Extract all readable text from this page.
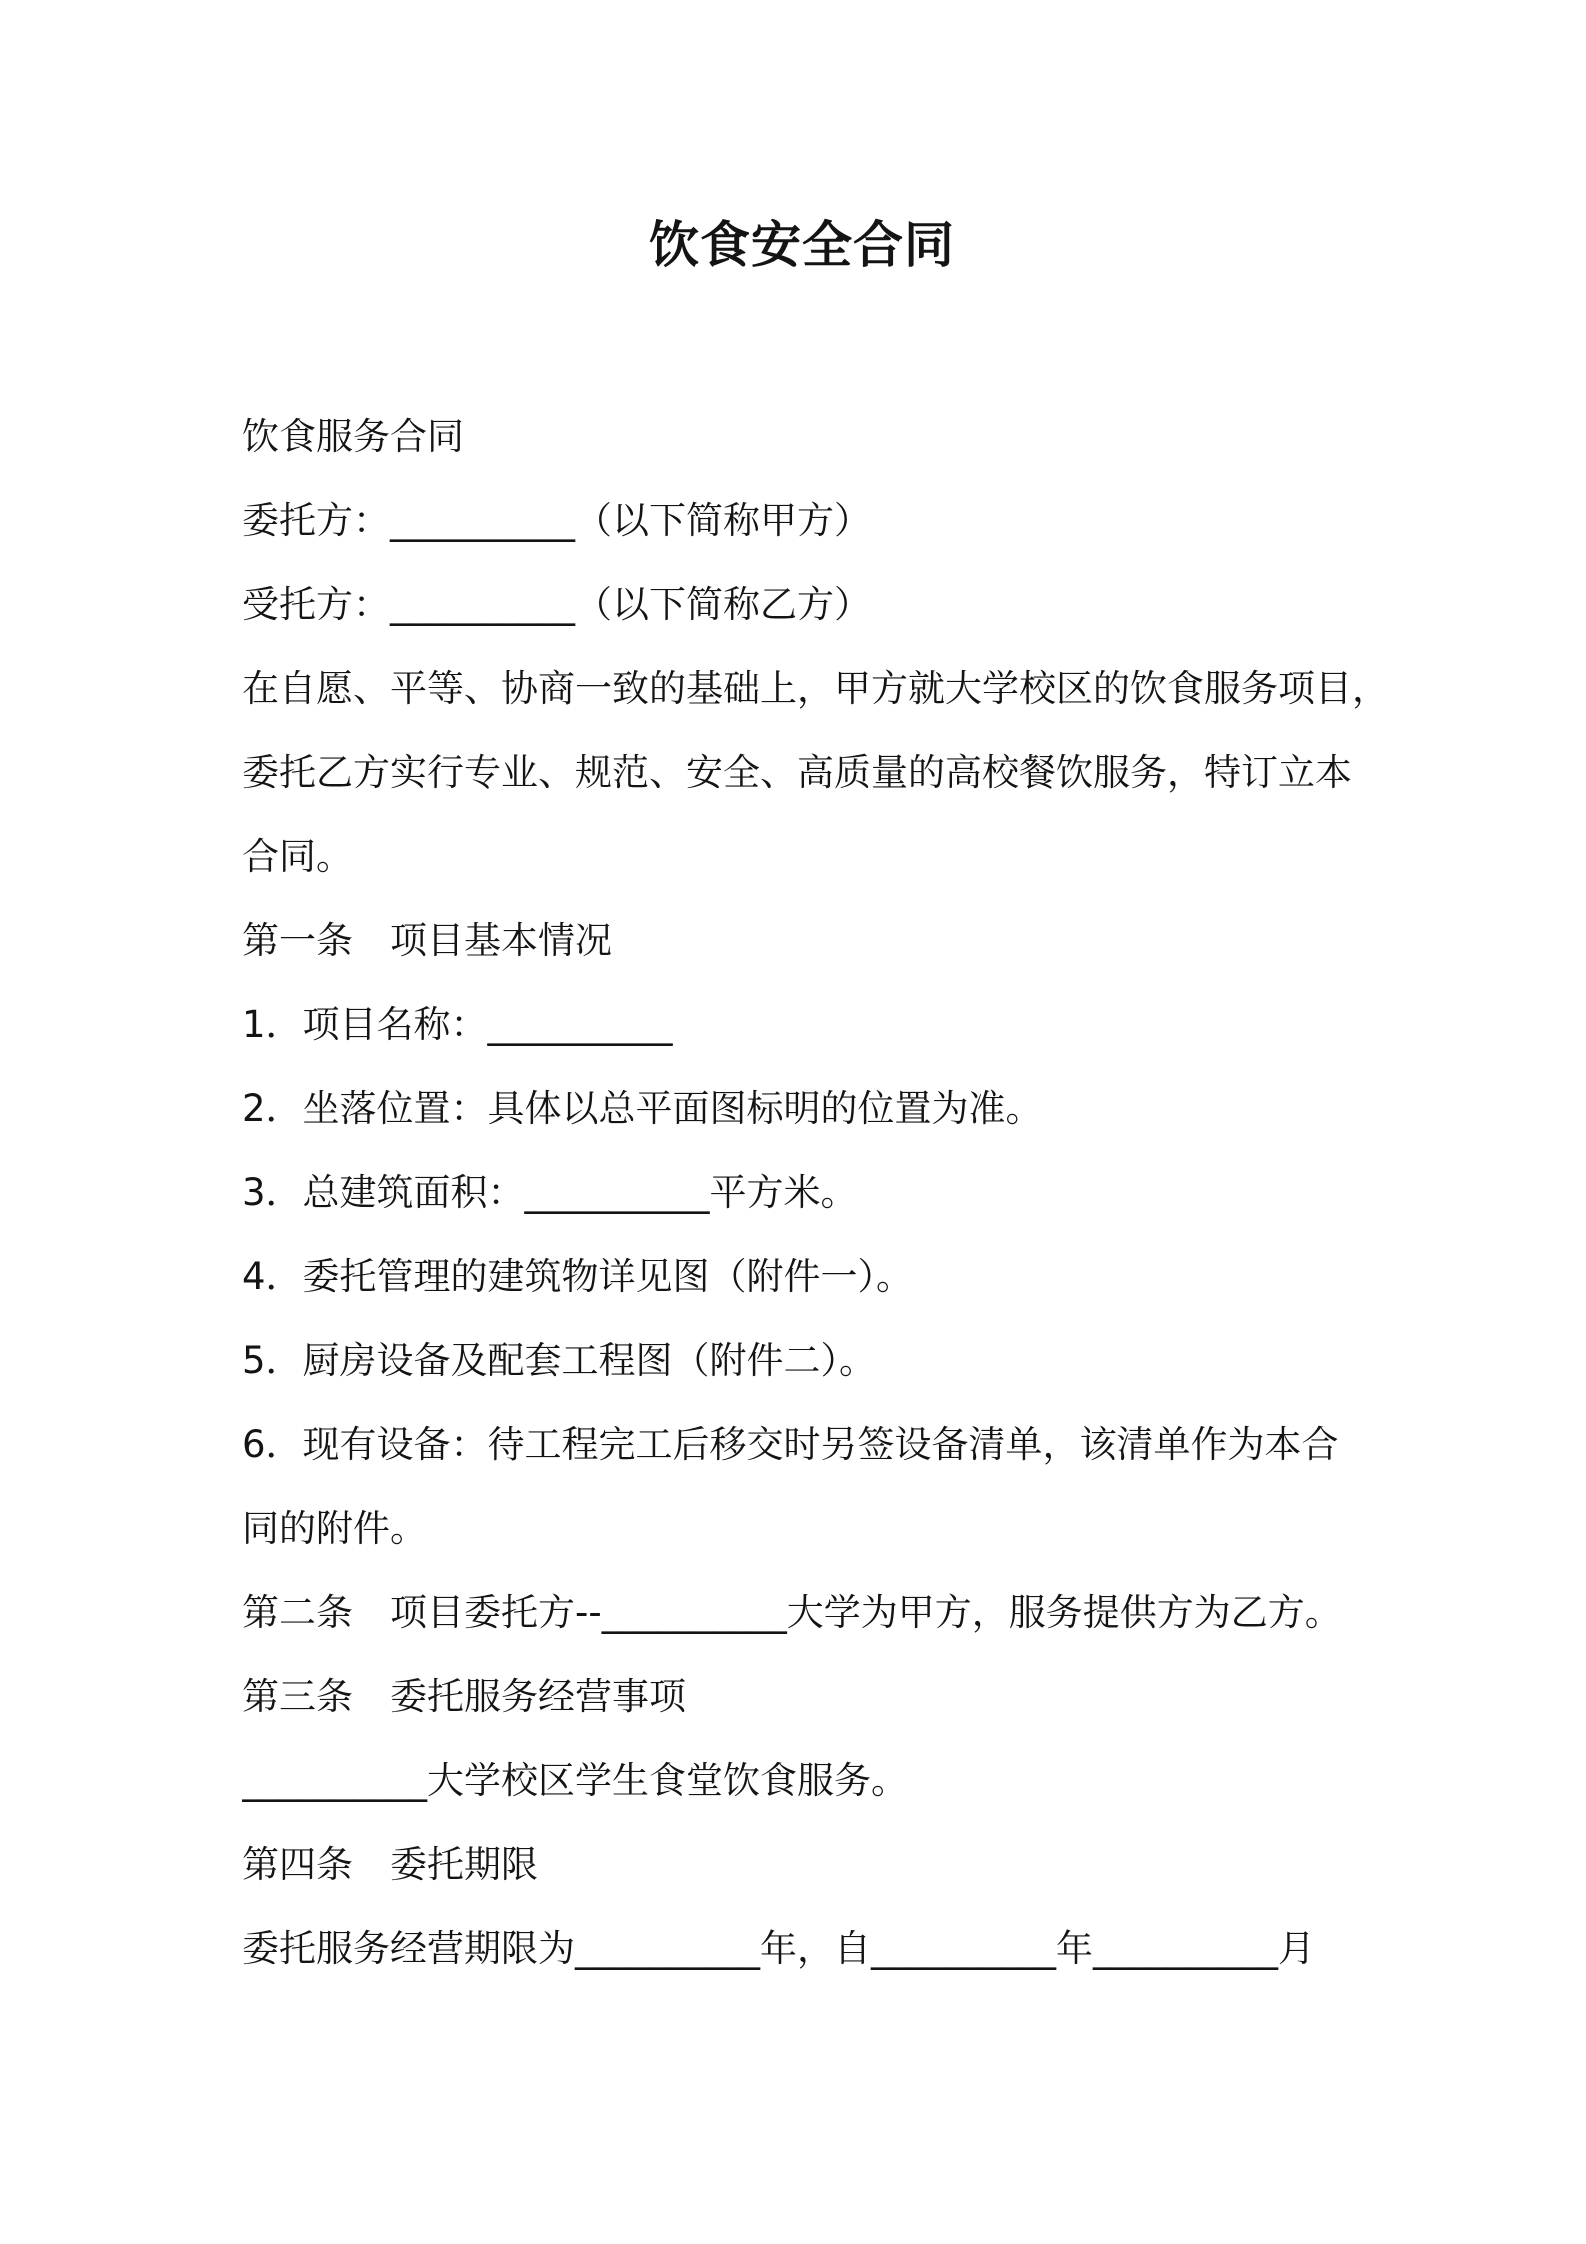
饮食安全合同
饮食服务合同
委托方：__________（以下简称甲方）
受托方：__________（以下简称乙方）
在自愿、平等、协商一致的基础上，甲方就大学校区的饮食服务项目，
委托乙方实行专业、规范、安全、高质量的高校餐饮服务，特订立本
合同。
第一条　项目基本情况
1．项目名称：__________
2．坐落位置：具体以总平面图标明的位置为准。
3．总建筑面积：__________平方米。
4．委托管理的建筑物详见图（附件一）。
5．厨房设备及配套工程图（附件二）。
6．现有设备：待工程完工后移交时另签设备清单，该清单作为本合
同的附件。
第二条　项目委托方--__________大学为甲方，服务提供方为乙方。
第三条　委托服务经营事项
__________大学校区学生食堂饮食服务。
第四条　委托期限
委托服务经营期限为__________年，自__________年__________月
